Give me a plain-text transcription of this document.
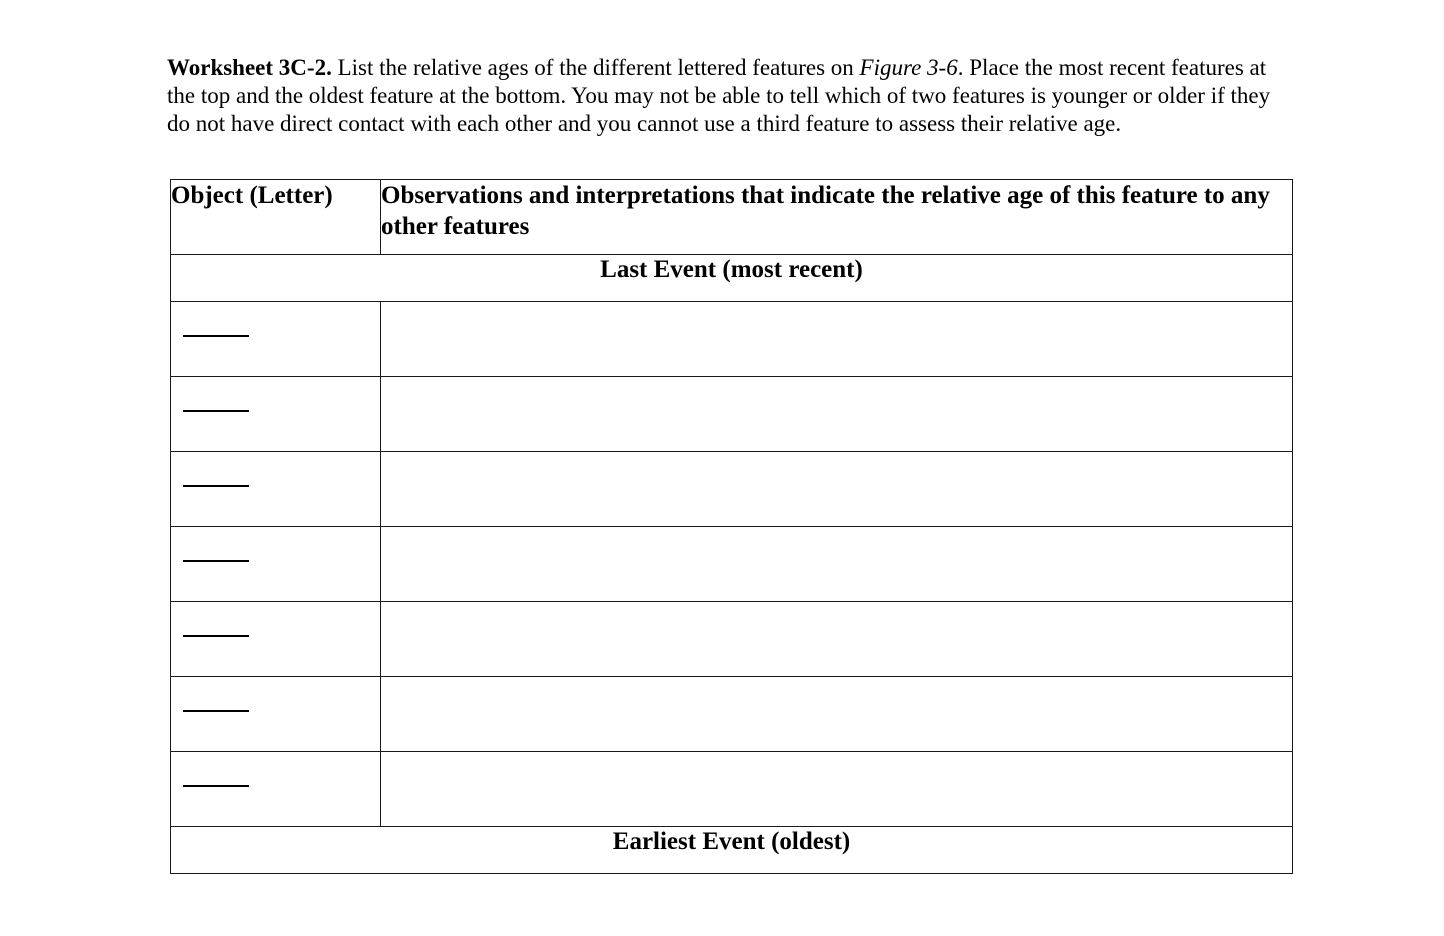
Worksheet 3C-2. List the relative ages of the different lettered features on Figure 3-6. Place the most recent features at the top and the oldest feature at the bottom. You may not be able to tell which of two features is younger or older if they do not have direct contact with each other and you cannot use a third feature to assess their relative age.

Object (Letter)	Observations and interpretations that indicate the relative age of this feature to any other features
Last Event (most recent)	

Earliest Event (oldest)	
